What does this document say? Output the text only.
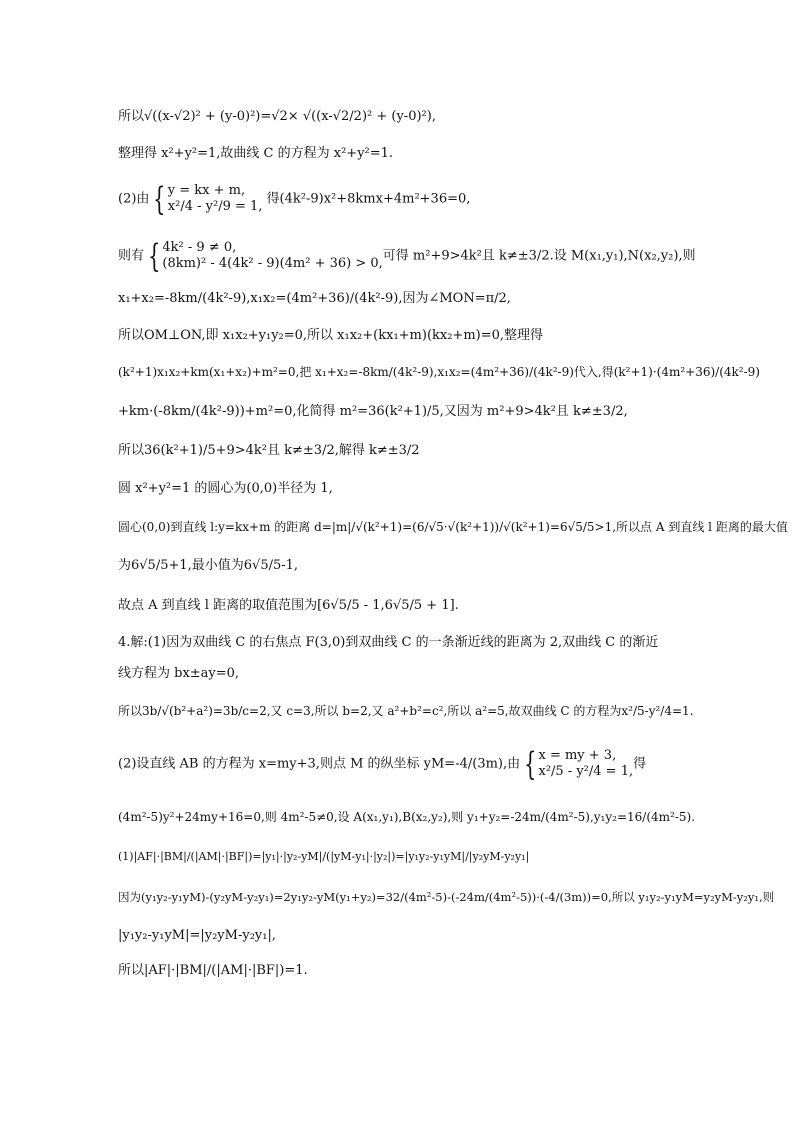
所以√((x-√2)² + (y-0)²)=√2× √((x-√2/2)² + (y-0)²),
整理得 x²+y²=1,故曲线 C 的方程为 x²+y²=1.
(2)由 { y = kx + m,
x²/4 - y²/9 = 1, 得(4k²-9)x²+8kmx+4m²+36=0,
则有 { 4k² - 9 ≠ 0,
(8km)² - 4(4k² - 9)(4m² + 36) > 0, 可得 m²+9>4k²且 k≠±3/2.设 M(x₁,y₁),N(x₂,y₂),则
x₁+x₂=-8km/(4k²-9),x₁x₂=(4m²+36)/(4k²-9),因为∠MON=π/2,
所以OM⊥ON,即 x₁x₂+y₁y₂=0,所以 x₁x₂+(kx₁+m)(kx₂+m)=0,整理得
(k²+1)x₁x₂+km(x₁+x₂)+m²=0,把 x₁+x₂=-8km/(4k²-9),x₁x₂=(4m²+36)/(4k²-9)代入,得(k²+1)·(4m²+36)/(4k²-9)
+km·(-8km/(4k²-9))+m²=0,化简得 m²=36(k²+1)/5,又因为 m²+9>4k²且 k≠±3/2,
所以36(k²+1)/5+9>4k²且 k≠±3/2,解得 k≠±3/2
圆 x²+y²=1 的圆心为(0,0)半径为 1,
圆心(0,0)到直线 l:y=kx+m 的距离 d=|m|/√(k²+1)=(6/√5·√(k²+1))/√(k²+1)=6√5/5>1,所以点 A 到直线 l 距离的最大值
为6√5/5+1,最小值为6√5/5-1,
故点 A 到直线 l 距离的取值范围为[6√5/5 - 1,6√5/5 + 1].
4.解:(1)因为双曲线 C 的右焦点 F(3,0)到双曲线 C 的一条渐近线的距离为 2,双曲线 C 的渐近
线方程为 bx±ay=0,
所以3b/√(b²+a²)=3b/c=2,又 c=3,所以 b=2,又 a²+b²=c²,所以 a²=5,故双曲线 C 的方程为x²/5-y²/4=1.
(2)设直线 AB 的方程为 x=my+3,则点 M 的纵坐标 yM=-4/(3m),由 { x = my + 3,
x²/5 - y²/4 = 1, 得
(4m²-5)y²+24my+16=0,则 4m²-5≠0,设 A(x₁,y₁),B(x₂,y₂),则 y₁+y₂=-24m/(4m²-5),y₁y₂=16/(4m²-5).
(1)|AF|·|BM|/(|AM|·|BF|)=|y₁|·|y₂-yM|/(|yM-y₁|·|y₂|)=|y₁y₂-y₁yM|/|y₂yM-y₂y₁|
因为(y₁y₂-y₁yM)-(y₂yM-y₂y₁)=2y₁y₂-yM(y₁+y₂)=32/(4m²-5)-(-24m/(4m²-5))·(-4/(3m))=0,所以 y₁y₂-y₁yM=y₂yM-y₂y₁,则
|y₁y₂-y₁yM|=|y₂yM-y₂y₁|,
所以|AF|·|BM|/(|AM|·|BF|)=1.
